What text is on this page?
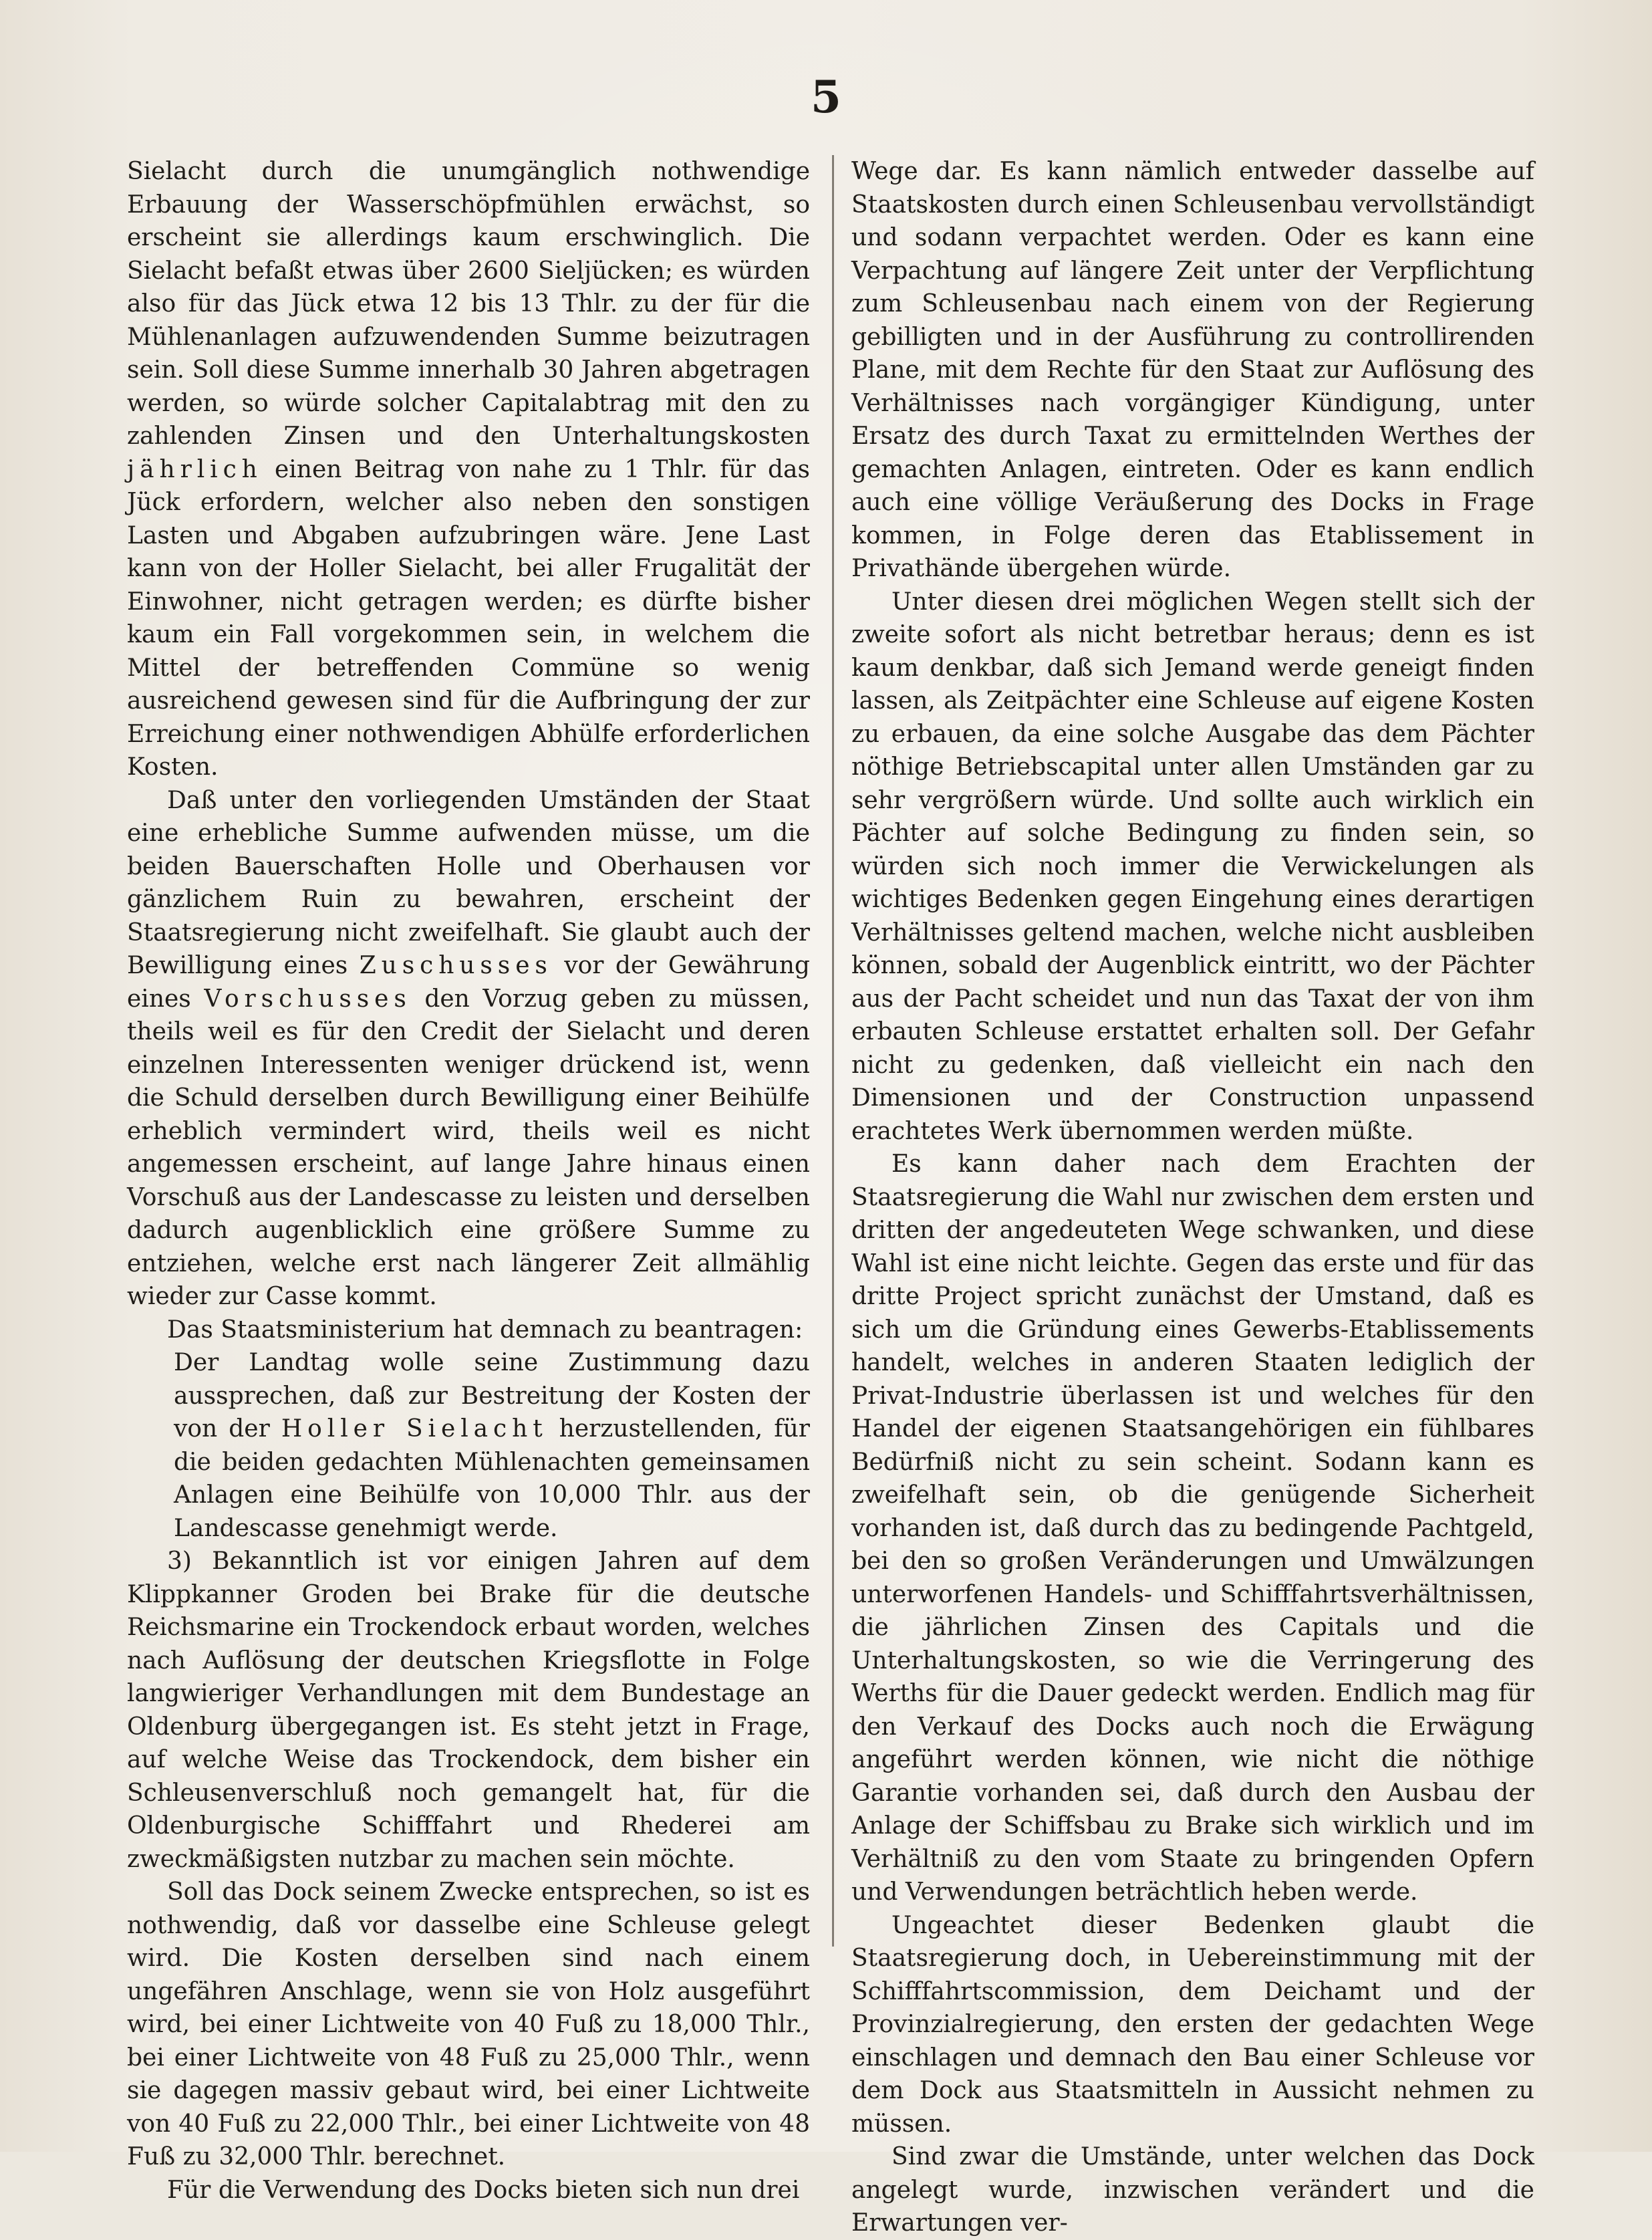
5

Sielacht durch die unumgänglich nothwendige Erbauung der Wasserschöpfmühlen erwächst, so erscheint sie allerdings kaum erschwinglich. Die Sielacht befaßt etwas über 2600 Sieljücken; es würden also für das Jück etwa 12 bis 13 Thlr. zu der für die Mühlenanlagen aufzuwendenden Summe beizutragen sein. Soll diese Summe innerhalb 30 Jahren abgetragen werden, so würde solcher Capitalabtrag mit den zu zahlenden Zinsen und den Unterhaltungskosten jährlich einen Beitrag von nahe zu 1 Thlr. für das Jück erfordern, welcher also neben den sonstigen Lasten und Abgaben aufzubringen wäre. Jene Last kann von der Holler Sielacht, bei aller Frugalität der Einwohner, nicht getragen werden; es dürfte bisher kaum ein Fall vorgekommen sein, in welchem die Mittel der betreffenden Commüne so wenig ausreichend gewesen sind für die Aufbringung der zur Erreichung einer nothwendigen Abhülfe erforderlichen Kosten.

Daß unter den vorliegenden Umständen der Staat eine erhebliche Summe aufwenden müsse, um die beiden Bauerschaften Holle und Oberhausen vor gänzlichem Ruin zu bewahren, erscheint der Staatsregierung nicht zweifelhaft. Sie glaubt auch der Bewilligung eines Zuschusses vor der Gewährung eines Vorschusses den Vorzug geben zu müssen, theils weil es für den Credit der Sielacht und deren einzelnen Interessenten weniger drückend ist, wenn die Schuld derselben durch Bewilligung einer Beihülfe erheblich vermindert wird, theils weil es nicht angemessen erscheint, auf lange Jahre hinaus einen Vorschuß aus der Landescasse zu leisten und derselben dadurch augenblicklich eine größere Summe zu entziehen, welche erst nach längerer Zeit allmählig wieder zur Casse kommt.

Das Staatsministerium hat demnach zu beantragen:

Der Landtag wolle seine Zustimmung dazu aussprechen, daß zur Bestreitung der Kosten der von der Holler Sielacht herzustellenden, für die beiden gedachten Mühlenachten gemeinsamen Anlagen eine Beihülfe von 10,000 Thlr. aus der Landescasse genehmigt werde.

3) Bekanntlich ist vor einigen Jahren auf dem Klippkanner Groden bei Brake für die deutsche Reichsmarine ein Trockendock erbaut worden, welches nach Auflösung der deutschen Kriegsflotte in Folge langwieriger Verhandlungen mit dem Bundestage an Oldenburg übergegangen ist. Es steht jetzt in Frage, auf welche Weise das Trockendock, dem bisher ein Schleusenverschluß noch gemangelt hat, für die Oldenburgische Schifffahrt und Rhederei am zweckmäßigsten nutzbar zu machen sein möchte.

Soll das Dock seinem Zwecke entsprechen, so ist es nothwendig, daß vor dasselbe eine Schleuse gelegt wird. Die Kosten derselben sind nach einem ungefähren Anschlage, wenn sie von Holz ausgeführt wird, bei einer Lichtweite von 40 Fuß zu 18,000 Thlr., bei einer Lichtweite von 48 Fuß zu 25,000 Thlr., wenn sie dagegen massiv gebaut wird, bei einer Lichtweite von 40 Fuß zu 22,000 Thlr., bei einer Lichtweite von 48 Fuß zu 32,000 Thlr. berechnet.

Für die Verwendung des Docks bieten sich nun drei

Wege dar. Es kann nämlich entweder dasselbe auf Staatskosten durch einen Schleusenbau vervollständigt und sodann verpachtet werden. Oder es kann eine Verpachtung auf längere Zeit unter der Verpflichtung zum Schleusenbau nach einem von der Regierung gebilligten und in der Ausführung zu controllirenden Plane, mit dem Rechte für den Staat zur Auflösung des Verhältnisses nach vorgängiger Kündigung, unter Ersatz des durch Taxat zu ermittelnden Werthes der gemachten Anlagen, eintreten. Oder es kann endlich auch eine völlige Veräußerung des Docks in Frage kommen, in Folge deren das Etablissement in Privathände übergehen würde.

Unter diesen drei möglichen Wegen stellt sich der zweite sofort als nicht betretbar heraus; denn es ist kaum denkbar, daß sich Jemand werde geneigt finden lassen, als Zeitpächter eine Schleuse auf eigene Kosten zu erbauen, da eine solche Ausgabe das dem Pächter nöthige Betriebscapital unter allen Umständen gar zu sehr vergrößern würde. Und sollte auch wirklich ein Pächter auf solche Bedingung zu finden sein, so würden sich noch immer die Verwickelungen als wichtiges Bedenken gegen Eingehung eines derartigen Verhältnisses geltend machen, welche nicht ausbleiben können, sobald der Augenblick eintritt, wo der Pächter aus der Pacht scheidet und nun das Taxat der von ihm erbauten Schleuse erstattet erhalten soll. Der Gefahr nicht zu gedenken, daß vielleicht ein nach den Dimensionen und der Construction unpassend erachtetes Werk übernommen werden müßte.

Es kann daher nach dem Erachten der Staatsregierung die Wahl nur zwischen dem ersten und dritten der angedeuteten Wege schwanken, und diese Wahl ist eine nicht leichte. Gegen das erste und für das dritte Project spricht zunächst der Umstand, daß es sich um die Gründung eines Gewerbs-Etablissements handelt, welches in anderen Staaten lediglich der Privat-Industrie überlassen ist und welches für den Handel der eigenen Staatsangehörigen ein fühlbares Bedürfniß nicht zu sein scheint. Sodann kann es zweifelhaft sein, ob die genügende Sicherheit vorhanden ist, daß durch das zu bedingende Pachtgeld, bei den so großen Veränderungen und Umwälzungen unterworfenen Handels- und Schifffahrtsverhältnissen, die jährlichen Zinsen des Capitals und die Unterhaltungskosten, so wie die Verringerung des Werths für die Dauer gedeckt werden. Endlich mag für den Verkauf des Docks auch noch die Erwägung angeführt werden können, wie nicht die nöthige Garantie vorhanden sei, daß durch den Ausbau der Anlage der Schiffsbau zu Brake sich wirklich und im Verhältniß zu den vom Staate zu bringenden Opfern und Verwendungen beträchtlich heben werde.

Ungeachtet dieser Bedenken glaubt die Staatsregierung doch, in Uebereinstimmung mit der Schifffahrtscommission, dem Deichamt und der Provinzialregierung, den ersten der gedachten Wege einschlagen und demnach den Bau einer Schleuse vor dem Dock aus Staatsmitteln in Aussicht nehmen zu müssen.

Sind zwar die Umstände, unter welchen das Dock angelegt wurde, inzwischen verändert und die Erwartungen ver-
